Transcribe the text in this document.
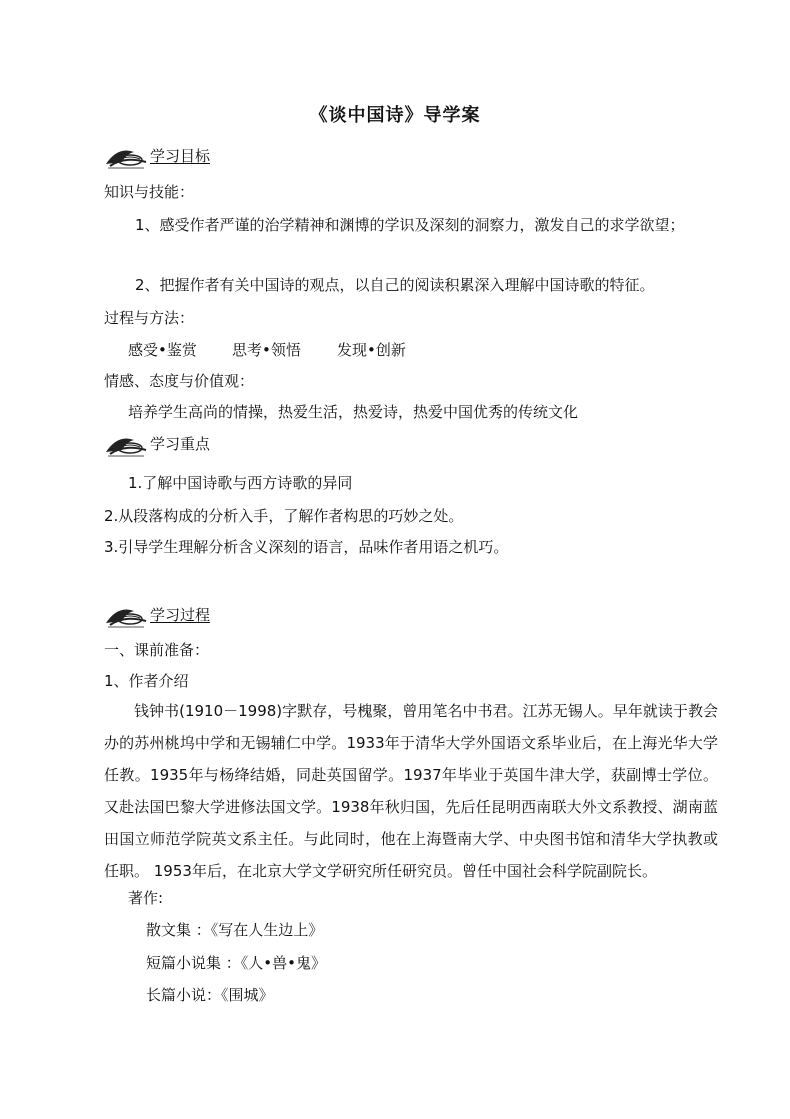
《谈中国诗》导学案
学习目标
知识与技能：
1、感受作者严谨的治学精神和渊博的学识及深刻的洞察力，激发自己的求学欲望；
2、把握作者有关中国诗的观点，以自己的阅读积累深入理解中国诗歌的特征。
过程与方法：
感受•鉴赏 思考•领悟 发现•创新
情感、态度与价值观：
培养学生高尚的情操，热爱生活，热爱诗，热爱中国优秀的传统文化
学习重点
1.了解中国诗歌与西方诗歌的异同
2.从段落构成的分析入手，了解作者构思的巧妙之处。
3.引导学生理解分析含义深刻的语言，品味作者用语之机巧。
学习过程
一、课前准备：
1、作者介绍
钱钟书(1910－1998)字默存，号槐聚，曾用笔名中书君。江苏无锡人。早年就读于教会办的苏州桃坞中学和无锡辅仁中学。1933年于清华大学外国语文系毕业后，在上海光华大学任教。1935年与杨绛结婚，同赴英国留学。1937年毕业于英国牛津大学，获副博士学位。又赴法国巴黎大学进修法国文学。1938年秋归国，先后任昆明西南联大外文系教授、湖南蓝田国立师范学院英文系主任。与此同时，他在上海暨南大学、中央图书馆和清华大学执教或任职。 1953年后，在北京大学文学研究所任研究员。曾任中国社会科学院副院长。
著作:
散文集 ：《写在人生边上》
短篇小说集 ：《人•兽•鬼》
长篇小说：《围城》
